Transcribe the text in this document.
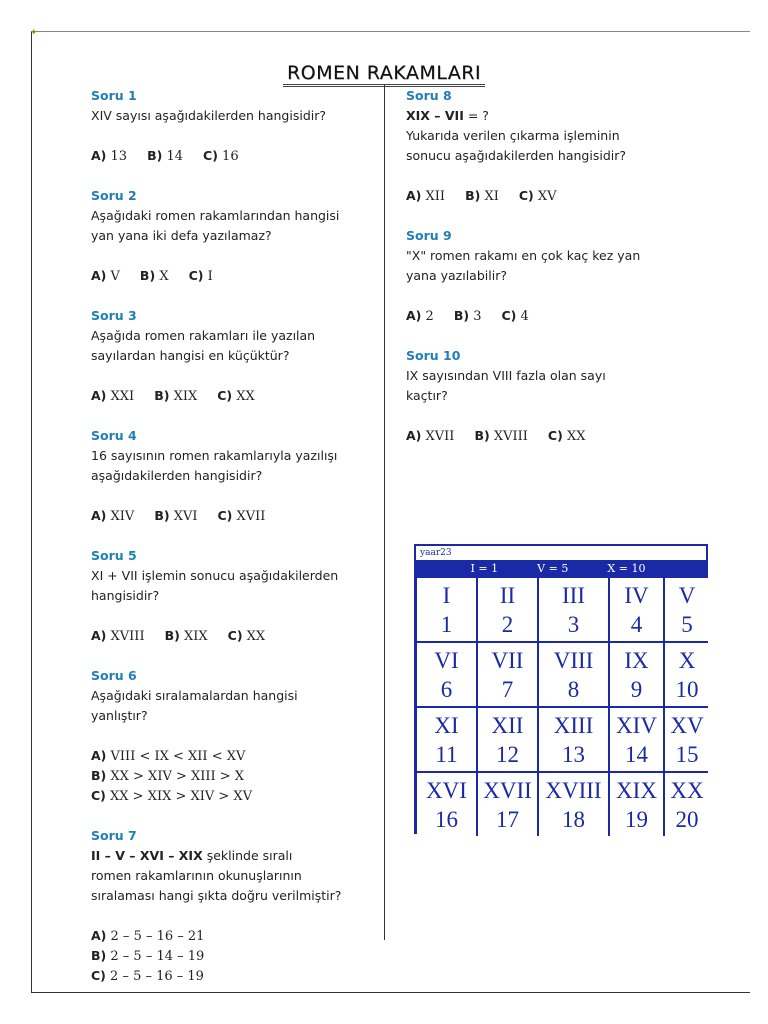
✦
ROMEN RAKAMLARI
Soru 1
XIV sayısı aşağıdakilerden hangisidir?
A) 13 B) 14 C) 16
Soru 2
Aşağıdaki romen rakamlarından hangisi
yan yana iki defa yazılamaz?
A) V B) X C) I
Soru 3
Aşağıda romen rakamları ile yazılan
sayılardan hangisi en küçüktür?
A) XXI B) XIX C) XX
Soru 4
16 sayısının romen rakamlarıyla yazılışı
aşağıdakilerden hangisidir?
A) XIV B) XVI C) XVII
Soru 5
XI + VII işlemin sonucu aşağıdakilerden
hangisidir?
A) XVIII B) XIX C) XX
Soru 6
Aşağıdaki sıralamalardan hangisi
yanlıştır?
A) VIII < IX < XII < XV
B) XX > XIV > XIII > X
C) XX > XIX > XIV > XV
Soru 7
II – V – XVI – XIX şeklinde sıralı
romen rakamlarının okunuşlarının
sıralaması hangi şıkta doğru verilmiştir?
A) 2 – 5 – 16 – 21
B) 2 – 5 – 14 – 19
C) 2 – 5 – 16 – 19
Soru 8
XIX – VII = ?
Yukarıda verilen çıkarma işleminin
sonucu aşağıdakilerden hangisidir?
A) XII B) XI C) XV
Soru 9
"X" romen rakamı en çok kaç kez yan
yana yazılabilir?
A) 2 B) 3 C) 4
Soru 10
IX sayısından VIII fazla olan sayı
kaçtır?
A) XVII B) XVIII C) XX
yaar23
I = 1	V = 5	X = 10
I
1
II
2
III
3
IV
4
V
5
VI
6
VII
7
VIII
8
IX
9
X
10
XI
11
XII
12
XIII
13
XIV
14
XV
15
XVI
16
XVII
17
XVIII
18
XIX
19
XX
20
